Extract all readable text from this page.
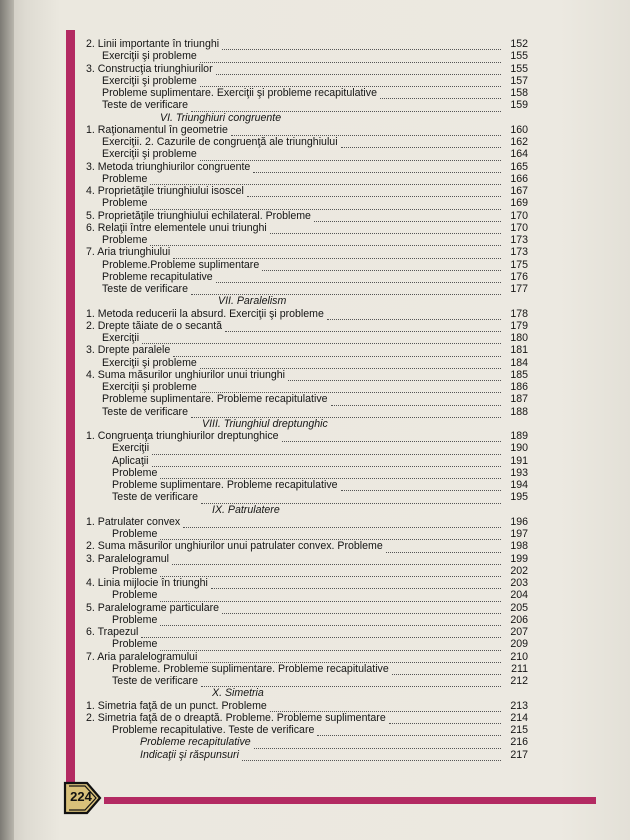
224
2. Linii importante în triunghi	152
Exerciţii şi probleme	155
3. Construcţia triunghiurilor	155
Exerciţii şi probleme	157
Probleme suplimentare. Exerciţii şi probleme recapitulative	158
Teste de verificare	159
VI. Triunghiuri congruente
1. Raţionamentul în geometrie	160
Exerciţii. 2. Cazurile de congruenţă ale triunghiului	162
Exerciţii şi probleme	164
3. Metoda triunghiurilor congruente	165
Probleme	166
4. Proprietăţile triunghiului isoscel	167
Probleme	169
5. Proprietăţile triunghiului echilateral. Probleme	170
6. Relaţii între elementele unui triunghi	170
Probleme	173
7. Aria triunghiului	173
Probleme.Probleme suplimentare	175
Probleme recapitulative	176
Teste de verificare	177
VII. Paralelism
1. Metoda reducerii la absurd. Exerciţii şi probleme	178
2. Drepte tăiate de o secantă	179
Exerciţii	180
3. Drepte paralele	181
Exerciţii şi probleme	184
4. Suma măsurilor unghiurilor unui triunghi	185
Exerciţii şi probleme	186
Probleme suplimentare. Probleme recapitulative	187
Teste de verificare	188
VIII. Triunghiul dreptunghic
1. Congruenţa triunghiurilor dreptunghice	189
Exerciţii	190
Aplicaţii	191
Probleme	193
Probleme suplimentare. Probleme recapitulative	194
Teste de verificare	195
IX. Patrulatere
1. Patrulater convex	196
Probleme	197
2. Suma măsurilor unghiurilor unui patrulater convex. Probleme	198
3. Paralelogramul	199
Probleme	202
4. Linia mijlocie în triunghi	203
Probleme	204
5. Paralelograme particulare	205
Probleme	206
6. Trapezul	207
Probleme	209
7. Aria paralelogramului	210
Probleme. Probleme suplimentare. Probleme recapitulative	211
Teste de verificare	212
X. Simetria
1. Simetria faţă de un punct. Probleme	213
2. Simetria faţă de o dreaptă. Probleme. Probleme suplimentare	214
Probleme recapitulative. Teste de verificare	215
Probleme recapitulative	216
Indicaţii şi răspunsuri	217
